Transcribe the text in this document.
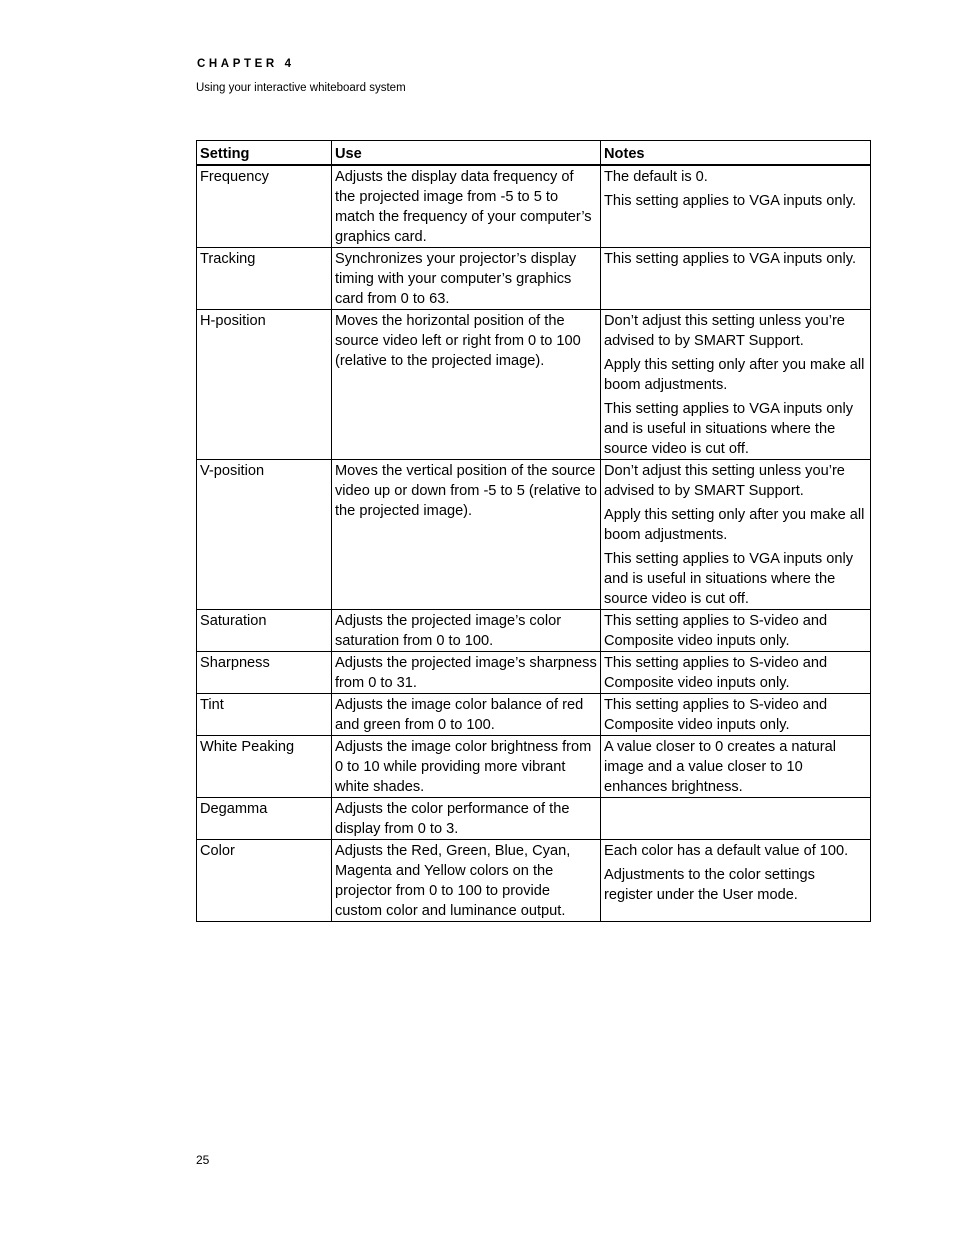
CHAPTER 4
Using your interactive whiteboard system
Setting	Use	Notes
Frequency	Adjusts the display data frequency of the projected image from -5 to 5 to match the frequency of your computer’s graphics card.	The default is 0.

This setting applies to VGA inputs only.

Tracking	Synchronizes your projector’s display timing with your computer’s graphics card from 0 to 63.	This setting applies to VGA inputs only.

H-position	Moves the horizontal position of the source video left or right from 0 to 100 (relative to the projected image).	Don’t adjust this setting unless you’re advised to by SMART Support.

Apply this setting only after you make all boom adjustments.

This setting applies to VGA inputs only and is useful in situations where the source video is cut off.

V-position	Moves the vertical position of the source video up or down from -5 to 5 (relative to the projected image).	Don’t adjust this setting unless you’re advised to by SMART Support.

Apply this setting only after you make all boom adjustments.

This setting applies to VGA inputs only and is useful in situations where the source video is cut off.

Saturation	Adjusts the projected image’s color saturation from 0 to 100.	This setting applies to S-video and Composite video inputs only.

Sharpness	Adjusts the projected image’s sharpness from 0 to 31.	This setting applies to S-video and Composite video inputs only.

Tint	Adjusts the image color balance of red and green from 0 to 100.	This setting applies to S-video and Composite video inputs only.

White Peaking	Adjusts the image color brightness from 0 to 10 while providing more vibrant white shades.	A value closer to 0 creates a natural image and a value closer to 10 enhances brightness.

Degamma	Adjusts the color performance of the display from 0 to 3.	
Color	Adjusts the Red, Green, Blue, Cyan, Magenta and Yellow colors on the projector from 0 to 100 to provide custom color and luminance output.	Each color has a default value of 100.

Adjustments to the color settings register under the User mode.

25
